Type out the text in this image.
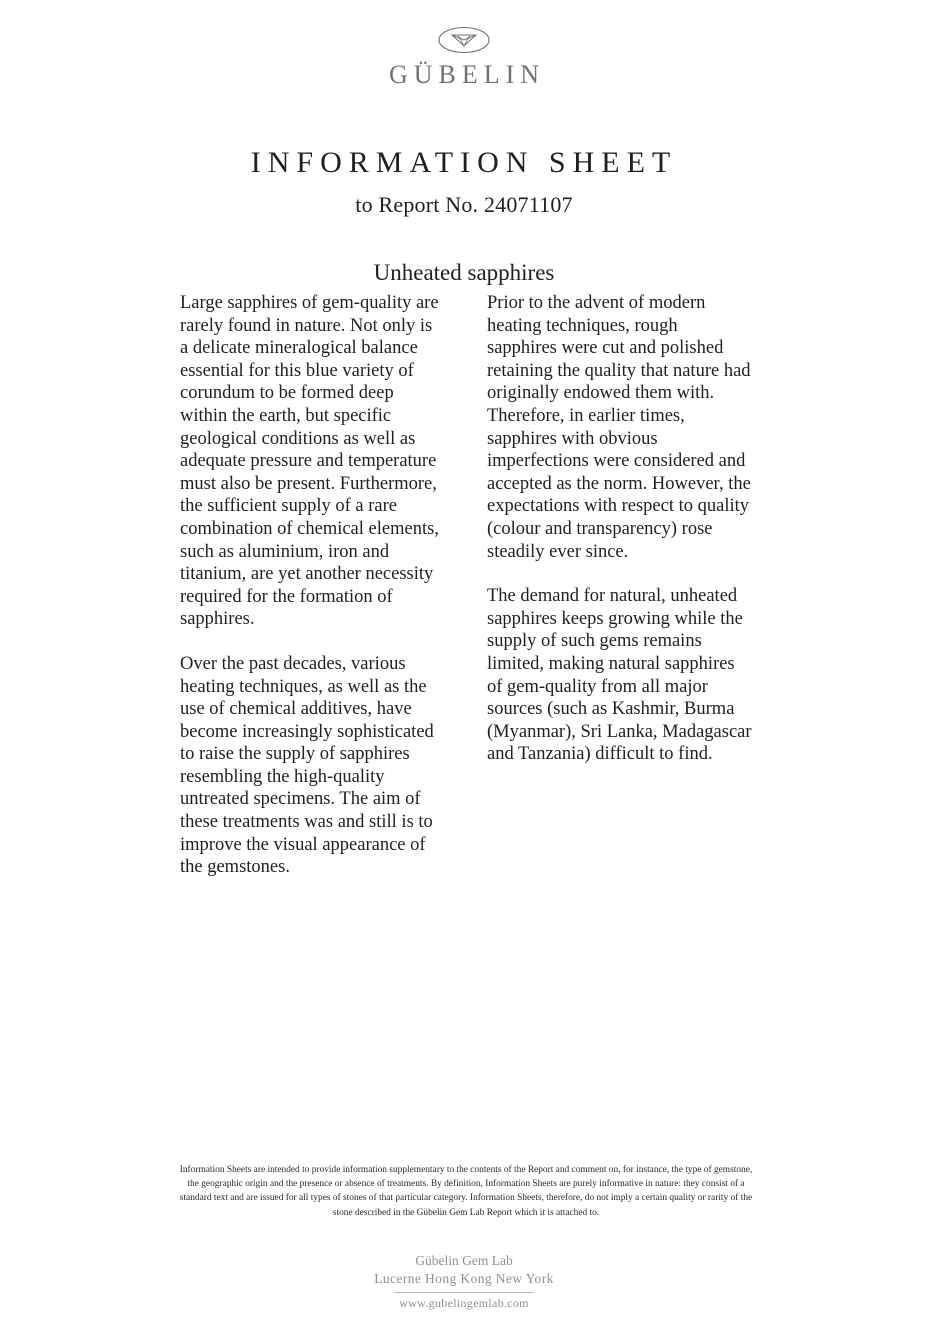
GÜBELIN
INFORMATION SHEET
to Report No. 24071107
Unheated sapphires

Large sapphires of gem-quality are rarely found in nature. Not only is a delicate mineralogical balance essential for this blue variety of corundum to be formed deep within the earth, but specific geological conditions as well as adequate pressure and temperature must also be present. Furthermore, the sufficient supply of a rare combination of chemical elements, such as aluminium, iron and titanium, are yet another necessity required for the formation of sapphires.

Over the past decades, various heating techniques, as well as the use of chemical additives, have become increasingly sophisticated to raise the supply of sapphires resembling the high-quality untreated specimens. The aim of these treatments was and still is to improve the visual appearance of the gemstones.

Prior to the advent of modern heating techniques, rough sapphires were cut and polished retaining the quality that nature had originally endowed them with. Therefore, in earlier times, sapphires with obvious imperfections were considered and accepted as the norm. However, the expectations with respect to quality (colour and transparency) rose steadily ever since.

The demand for natural, unheated sapphires keeps growing while the supply of such gems remains limited, making natural sapphires of gem-quality from all major sources (such as Kashmir, Burma (Myanmar), Sri Lanka, Madagascar and Tanzania) difficult to find.

Information Sheets are intended to provide information supplementary to the contents of the Report and comment on, for instance, the type of gemstone, the geographic origin and the presence or absence of treatments. By definition, Information Sheets are purely informative in nature: they consist of a standard text and are issued for all types of stones of that particular category. Information Sheets, therefore, do not imply a certain quality or rarity of the stone described in the Gübelin Gem Lab Report which it is attached to.
Gübelin Gem Lab
Lucerne Hong Kong New York
www.gubelingemlab.com
